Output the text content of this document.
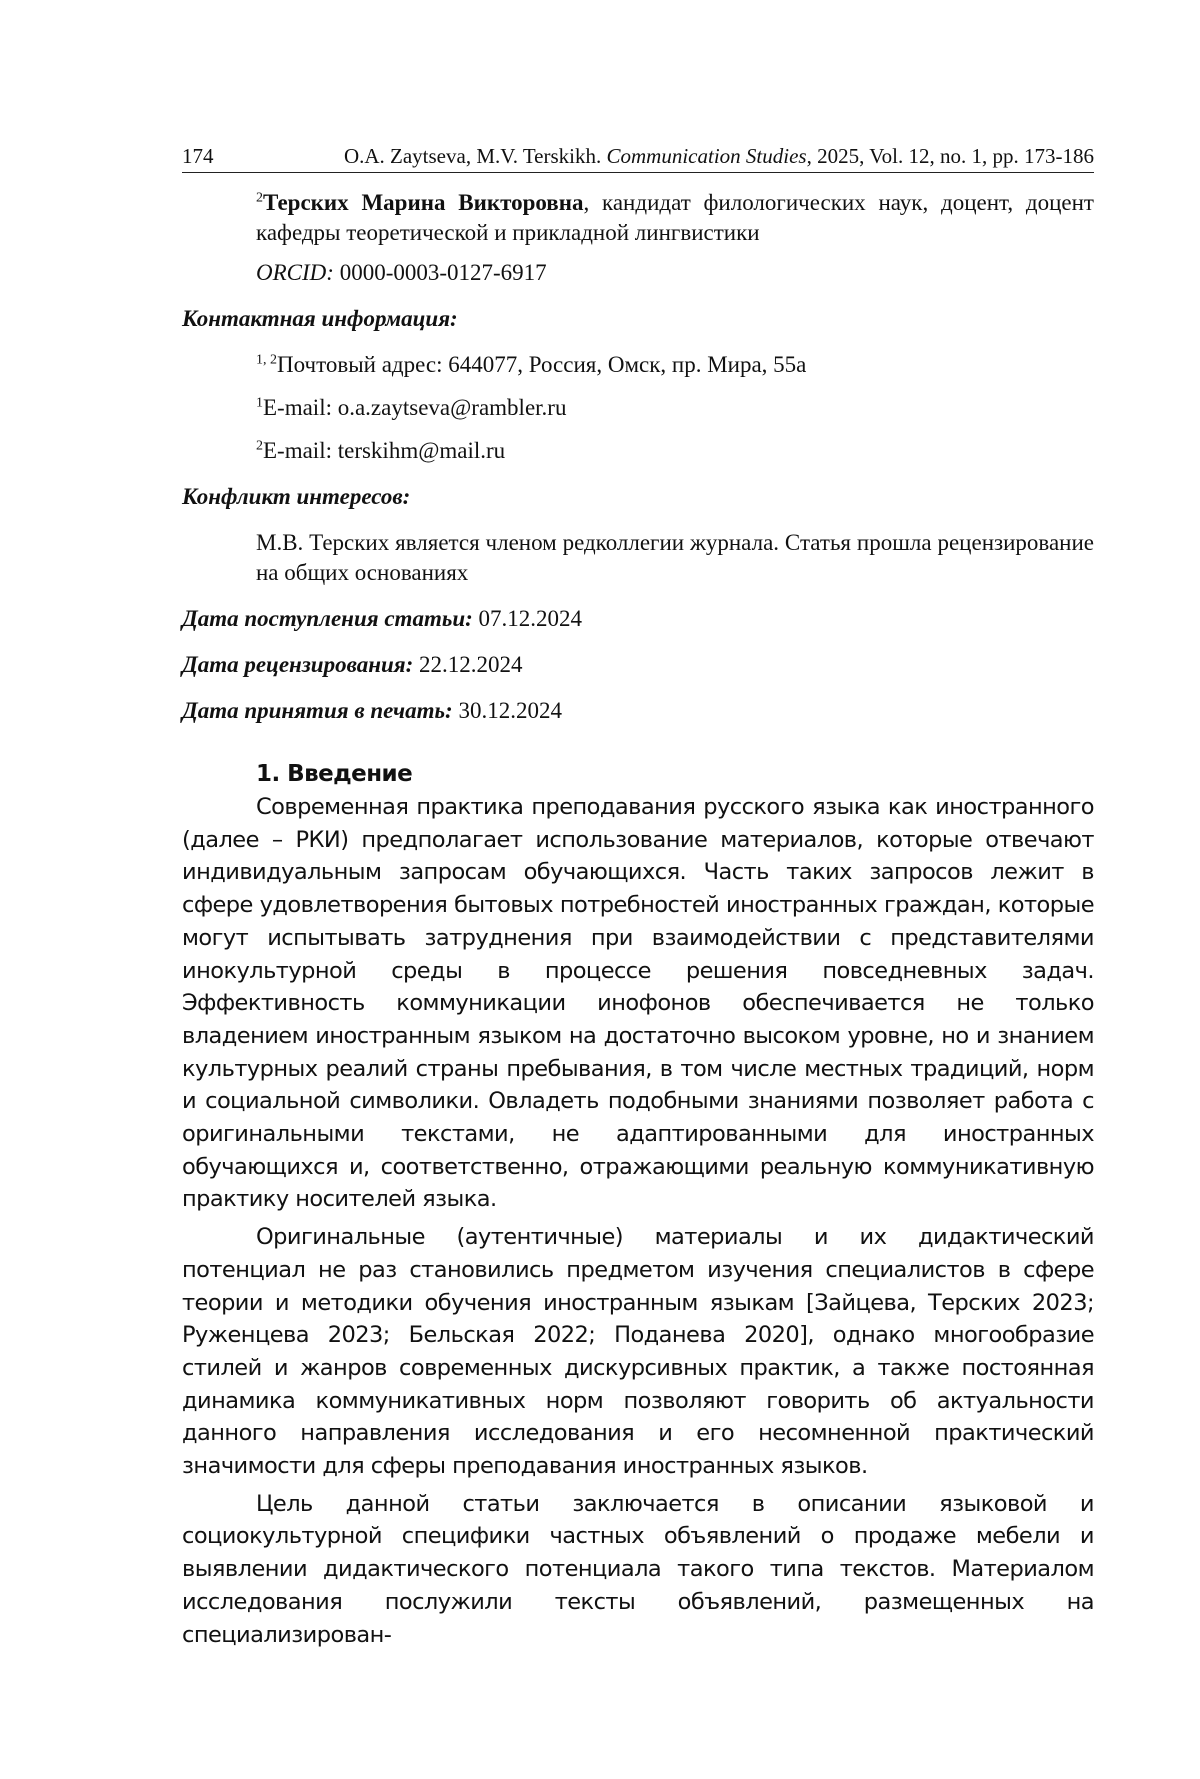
174	O.A. Zaytseva, M.V. Terskikh. Communication Studies, 2025, Vol. 12, no. 1, pp. 173-186
$^2$Терских Марина Викторовна, кандидат филологических наук, доцент, доцент кафедры теоретической и прикладной лингвистики
ORCID: 0000-0003-0127-6917
Контактная информация:
$^{1, 2}$Почтовый адрес: 644077, Россия, Омск, пр. Мира, 55а
$^1$E-mail: o.a.zaytseva@rambler.ru
$^2$E-mail: terskihm@mail.ru
Конфликт интересов:
М.В. Терских является членом редколлегии журнала. Статья прошла рецензирование на общих основаниях
Дата поступления статьи: 07.12.2024
Дата рецензирования: 22.12.2024
Дата принятия в печать: 30.12.2024
1. Введение

Современная практика преподавания русского языка как иностранного (далее – РКИ) предполагает использование материалов, которые отвечают индивидуальным запросам обучающихся. Часть таких запросов лежит в сфере удовлетворения бытовых потребностей иностранных граждан, которые могут испытывать затруднения при взаимодействии с представителями инокультурной среды в процессе решения повседневных задач. Эффективность коммуникации инофонов обеспечивается не только владением иностранным языком на достаточно высоком уровне, но и знанием культурных реалий страны пребывания, в том числе местных традиций, норм и социальной символики. Овладеть подобными знаниями позволяет работа с оригинальными текстами, не адаптированными для иностранных обучающихся и, соответственно, отражающими реальную коммуникативную практику носителей языка.

Оригинальные (аутентичные) материалы и их дидактический потенциал не раз становились предметом изучения специалистов в сфере теории и методики обучения иностранным языкам [Зайцева, Терских 2023; Руженцева 2023; Бельская 2022; Поданева 2020], однако многообразие стилей и жанров современных дискурсивных практик, а также постоянная динамика коммуникативных норм позволяют говорить об актуальности данного направления исследования и его несомненной практический значимости для сферы преподавания иностранных языков.

Цель данной статьи заключается в описании языковой и социокультурной специфики частных объявлений о продаже мебели и выявлении дидактического потенциала такого типа текстов. Материалом исследования послужили тексты объявлений, размещенных на специализирован-
